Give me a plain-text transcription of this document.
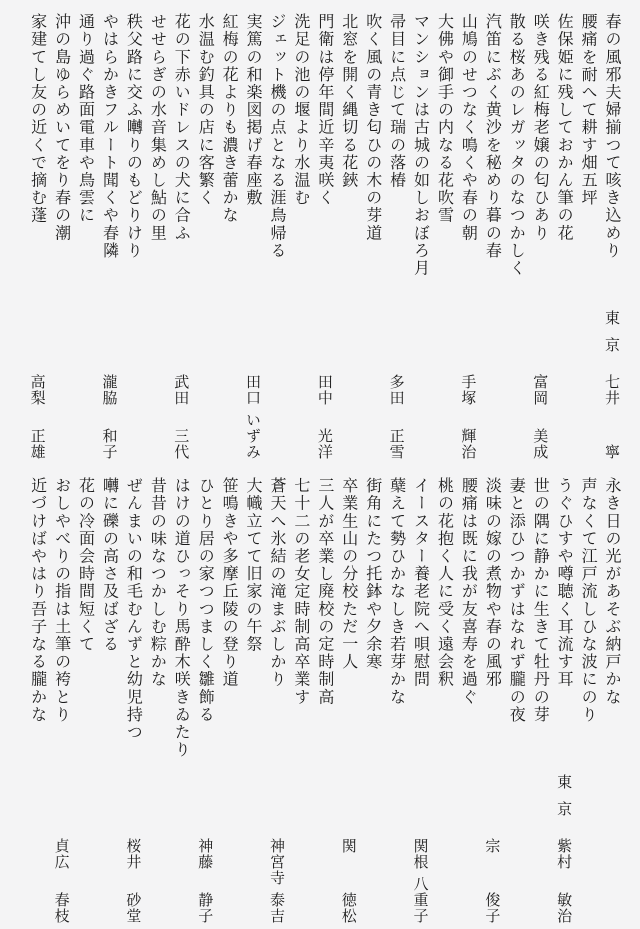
春の風邪夫婦揃つて咳き込めり
腰痛を耐へて耕す畑五坪
佐保姫に残しておかん筆の花
咲き残る紅梅老嬢の匂ひあり
散る桜あのレガッタのなつかしく
汽笛にぶく黄沙を秘めり暮の春
山鳩のせつなく鳴くや春の朝
大佛や御手の内なる花吹雪
マンションは古城の如しおぼろ月
帚目に点じて瑞の落椿
吹く風の青き匂ひの木の芽道
北窓を開く縄切る花鋏
門衛は停年間近辛夷咲く
洗足の池の堰より水温む
ジェット機の点となる涯鳥帰る
実篤の和楽図掲げ春座敷
紅梅の花よりも濃き蕾かな
水温む釣具の店に客繁く
花の下赤いドレスの犬に合ふ
せせらぎの水音集めし鮎の里
秩父路に交ふ囀りのもどりけり
やはらかきフルート聞くや春隣
通り過ぐ路面電車や鳥雲に
沖の島ゆらめいてをり春の潮
家建てし友の近くで摘む蓬
東京
七井
寧
富岡
美成
手塚
輝治
多田
正雪
田中
光洋
田口
いずみ
武田
三代
瀧脇
和子
高梨
正雄
永き日の光があそぶ納戸かな
声なくて江戸流しひな波にのり
うぐひすや噂聴く耳流す耳
世の隅に静かに生きて牡丹の芽
妻と添ひつかずはなれず朧の夜
淡味の嫁の煮物や春の風邪
腰痛は既に我が友喜寿を過ぐ
桃の花抱く人に受く遠会釈
イースター養老院へ唄慰問
蘖えて勢ひかなしき若芽かな
街角にたつ托鉢や夕余寒
卒業生山の分校ただ一人
三人が卒業し廃校の定時制高
七十二の老女定時制高卒業す
蒼天へ氷結の滝まぶしかり
大幟立てて旧家の午祭
笹鳴きや多摩丘陵の登り道
ひとり居の家つつましく雛飾る
はけの道ひっそり馬酔木咲きゐたり
昔昔の味なつかしむ粽かな
ぜんまいの和毛むんずと幼児持つ
囀に礫の高さ及ばざる
花の冷面会時間短くて
おしやべりの指は土筆の袴とり
近づけばやはり吾子なる朧かな
東京
紫村
敏治
宗
俊子
関根
八重子
関
徳松
神宮寺
泰吉
神藤
静子
桜井
砂堂
貞広
春枝
